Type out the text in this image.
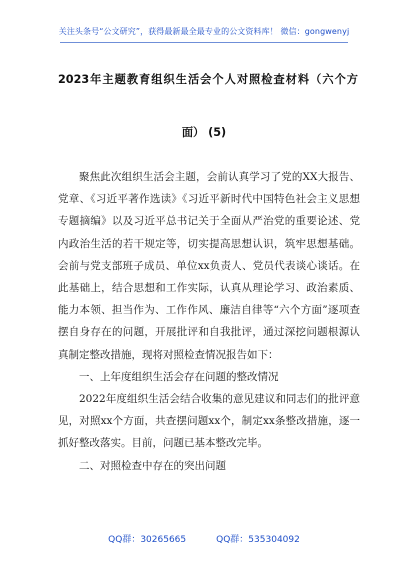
关注头条号“公文研究”，获得最新最全最专业的公文资料库！ 微信：gongwenyj
2023年主题教育组织生活会个人对照检查材料（六个方
面） (5)

聚焦此次组织生活会主题，会前认真学习了党的XX大报告、党章、《习近平著作选读》《习近平新时代中国特色社会主义思想专题摘编》以及习近平总书记关于全面从严治党的重要论述、党内政治生活的若干规定等，切实提高思想认识，筑牢思想基础。会前与党支部班子成员、单位xx负责人、党员代表谈心谈话。在此基础上，结合思想和工作实际，认真从理论学习、政治素质、能力本领、担当作为、工作作风、廉洁自律等“六个方面”逐项查摆自身存在的问题，开展批评和自我批评，通过深挖问题根源认真制定整改措施，现将对照检查情况报告如下：

一、上年度组织生活会存在问题的整改情况

2022年度组织生活会结合收集的意见建议和同志们的批评意见，对照xx个方面，共查摆问题xx个，制定xx条整改措施，逐一抓好整改落实。目前，问题已基本整改完毕。

二、对照检查中存在的突出问题

QQ群：30265665	QQ群：535304092
